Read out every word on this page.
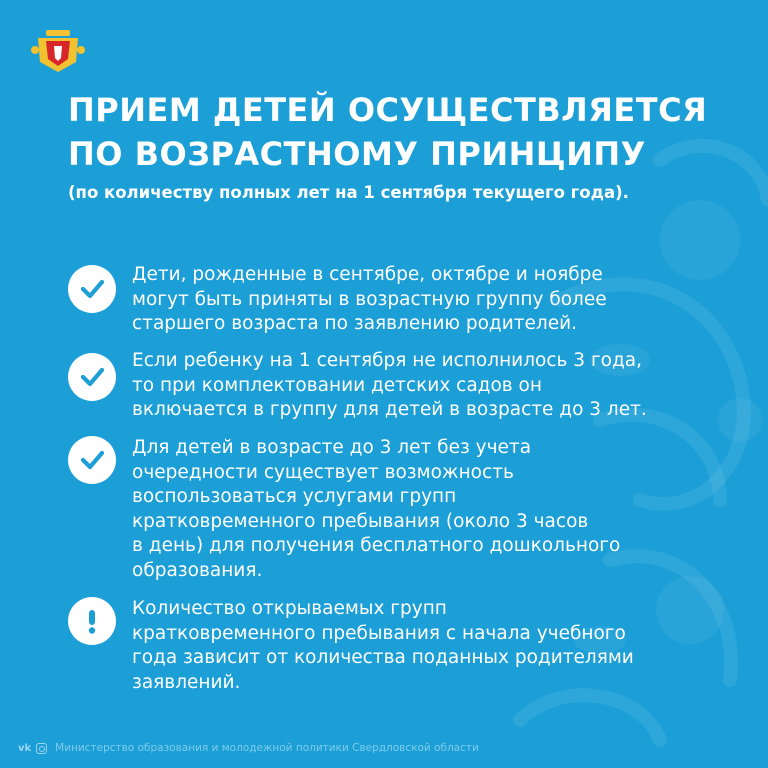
ПРИЕМ ДЕТЕЙ ОСУЩЕСТВЛЯЕТСЯ
ПО ВОЗРАСТНОМУ ПРИНЦИПУ
(по количеству полных лет на 1 сентября текущего года).
Дети, рожденные в сентябре, октябре и ноябре
могут быть приняты в возрастную группу более
старшего возраста по заявлению родителей.
Если ребенку на 1 сентября не исполнилось 3 года,
то при комплектовании детских садов он
включается в группу для детей в возрасте до 3 лет.
Для детей в возрасте до 3 лет без учета
очередности существует возможность
воспользоваться услугами групп
кратковременного пребывания (около 3 часов
в день) для получения бесплатного дошкольного
образования.
Количество открываемых групп
кратковременного пребывания с начала учебного
года зависит от количества поданных родителями
заявлений.
vk Министерство образования и молодежной политики Свердловской области
